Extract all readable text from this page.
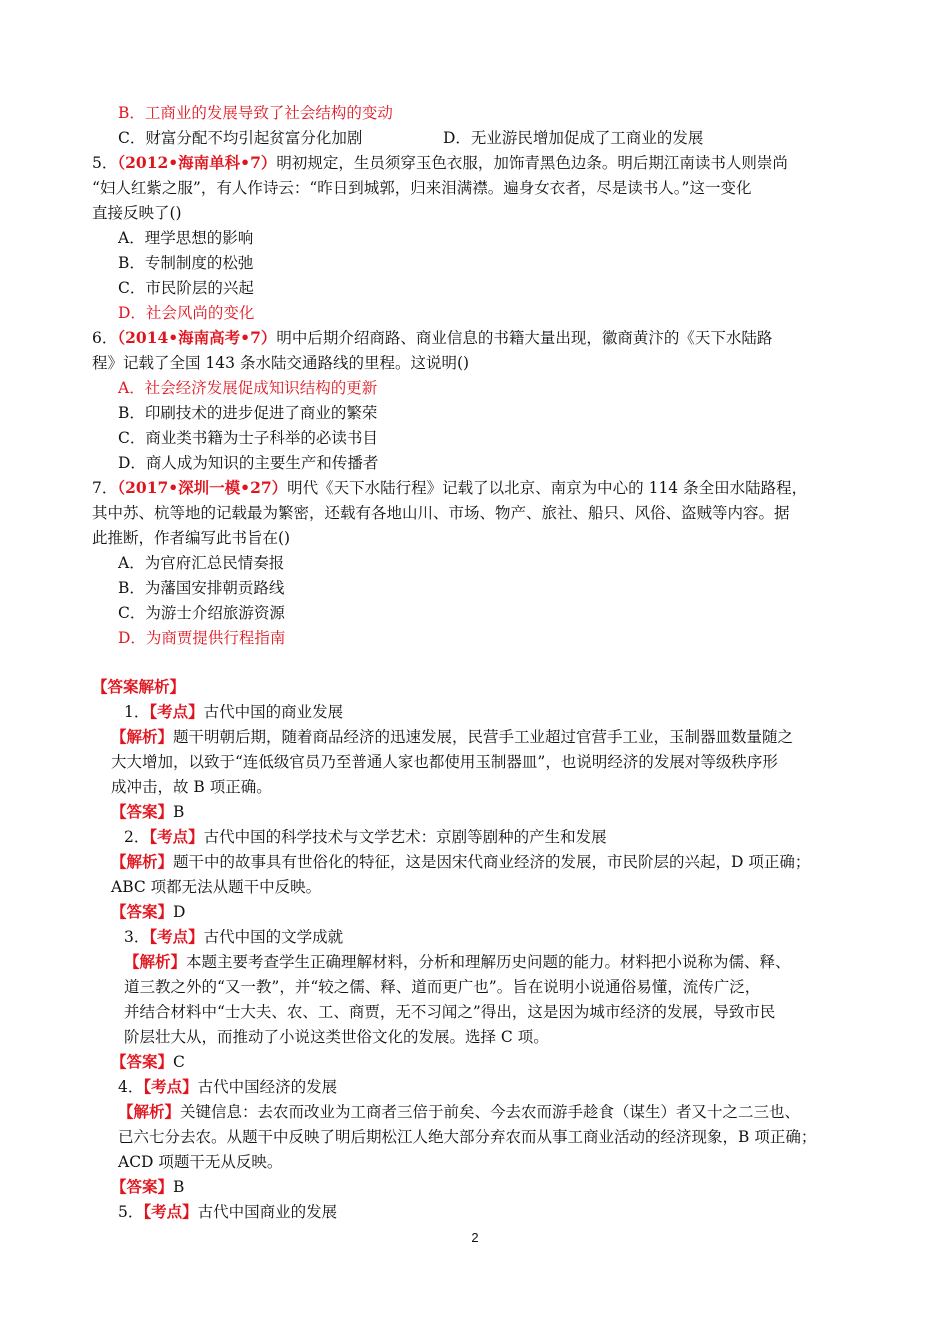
B．工商业的发展导致了社会结构的变动
C．财富分配不均引起贫富分化加剧	D．无业游民增加促成了工商业的发展
5．（2012•海南单科•7）明初规定，生员须穿玉色衣服，加饰青黑色边条。明后期江南读书人则崇尚
“妇人红紫之服”，有人作诗云：“昨日到城郭，归来泪满襟。遍身女衣者，尽是读书人。”这一变化
直接反映了()
A．理学思想的影响
B．专制制度的松弛
C．市民阶层的兴起
D．社会风尚的变化
6．（2014•海南高考•7）明中后期介绍商路、商业信息的书籍大量出现，徽商黄汴的《天下水陆路
程》记载了全国 143 条水陆交通路线的里程。这说明()
A．社会经济发展促成知识结构的更新
B．印刷技术的进步促进了商业的繁荣
C．商业类书籍为士子科举的必读书目
D．商人成为知识的主要生产和传播者
7．（2017•深圳一模•27）明代《天下水陆行程》记载了以北京、南京为中心的 114 条全田水陆路程，
其中苏、杭等地的记载最为繁密，还载有各地山川、市场、物产、旅社、船只、风俗、盗贼等内容。据
此推断，作者编写此书旨在()
A．为官府汇总民情奏报
B．为藩国安排朝贡路线
C．为游士介绍旅游资源
D．为商贾提供行程指南
【答案解析】
1．【考点】古代中国的商业发展
【解析】题干明朝后期，随着商品经济的迅速发展，民营手工业超过官营手工业，玉制器皿数量随之
大大增加，以致于“连低级官员乃至普通人家也都使用玉制器皿”，也说明经济的发展对等级秩序形
成冲击，故 B 项正确。
【答案】B
2．【考点】古代中国的科学技术与文学艺术：京剧等剧种的产生和发展
【解析】题干中的故事具有世俗化的特征，这是因宋代商业经济的发展，市民阶层的兴起，D 项正确；
ABC 项都无法从题干中反映。
【答案】D
3．【考点】古代中国的文学成就
【解析】本题主要考查学生正确理解材料，分析和理解历史问题的能力。材料把小说称为儒、释、
道三教之外的“又一教”，并“较之儒、释、道而更广也”。旨在说明小说通俗易懂，流传广泛，
并结合材料中“士大夫、农、工、商贾，无不习闻之”得出，这是因为城市经济的发展，导致市民
阶层壮大从，而推动了小说这类世俗文化的发展。选择 C 项。
【答案】C
4．【考点】古代中国经济的发展
【解析】关键信息：去农而改业为工商者三倍于前矣、今去农而游手趁食（谋生）者又十之二三也、
已六七分去农。从题干中反映了明后期松江人绝大部分弃农而从事工商业活动的经济现象，B 项正确；
ACD 项题干无从反映。
【答案】B
5．【考点】古代中国商业的发展
2
